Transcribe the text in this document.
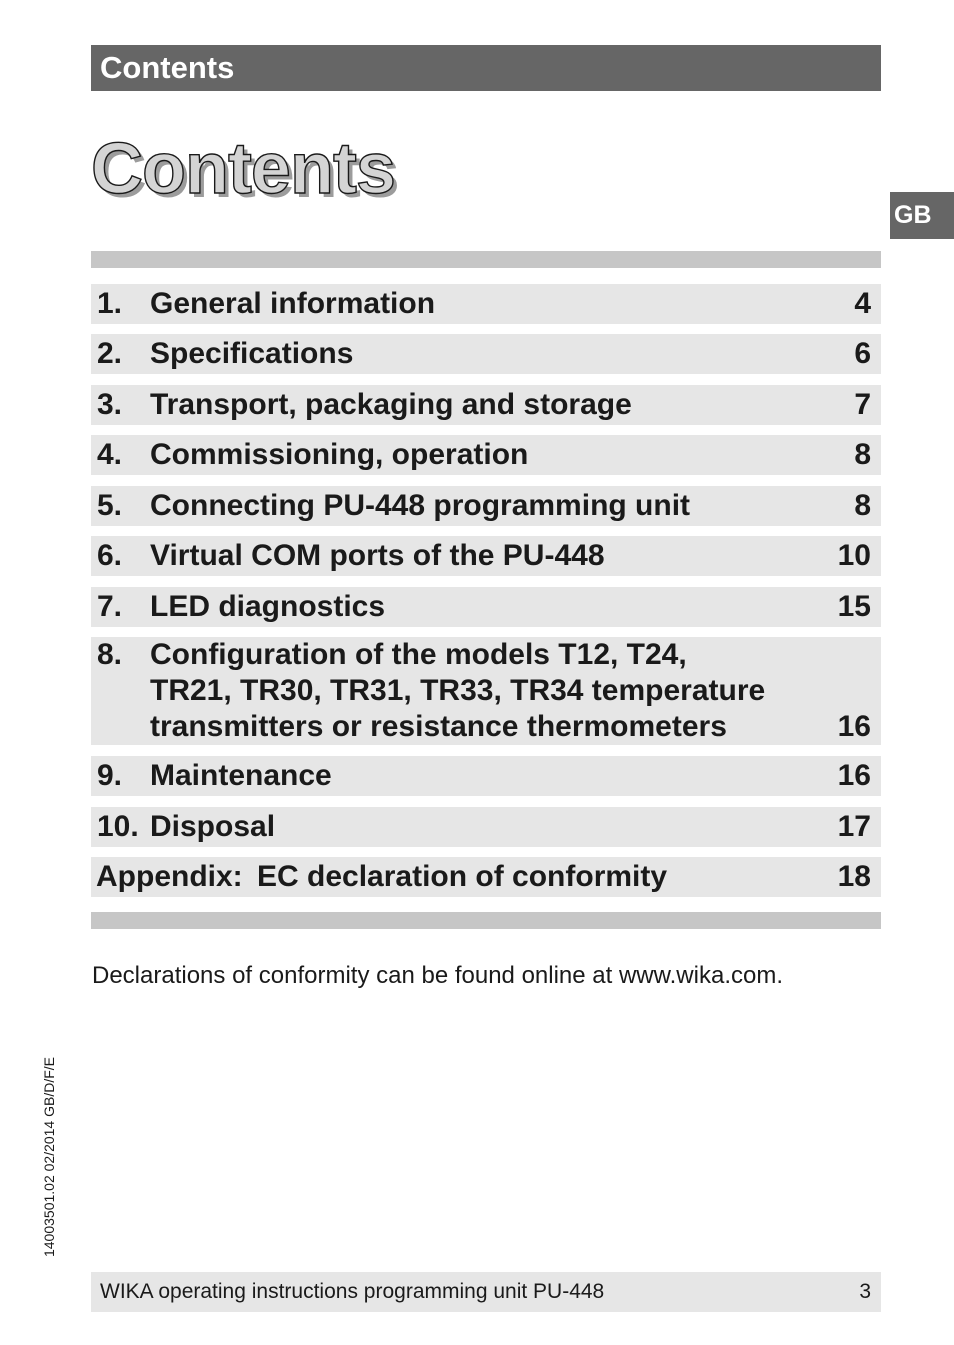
Contents
Contents
GB
1. General information	4
2. Specifications	6
3. Transport, packaging and storage	7
4. Commissioning, operation	8
5. Connecting PU-448 programming unit	8
6. Virtual COM ports of the PU-448	10
7. LED diagnostics	15
8. Configuration of the models T12, T24,
TR21, TR30, TR31, TR33, TR34 temperature
transmitters or resistance thermometers	16
9. Maintenance	16
10. Disposal	17
Appendix: EC declaration of conformity	18
Declarations of conformity can be found online at www.wika.com.
14003501.02 02/2014 GB/D/F/E
WIKA operating instructions programming unit PU-448	3
